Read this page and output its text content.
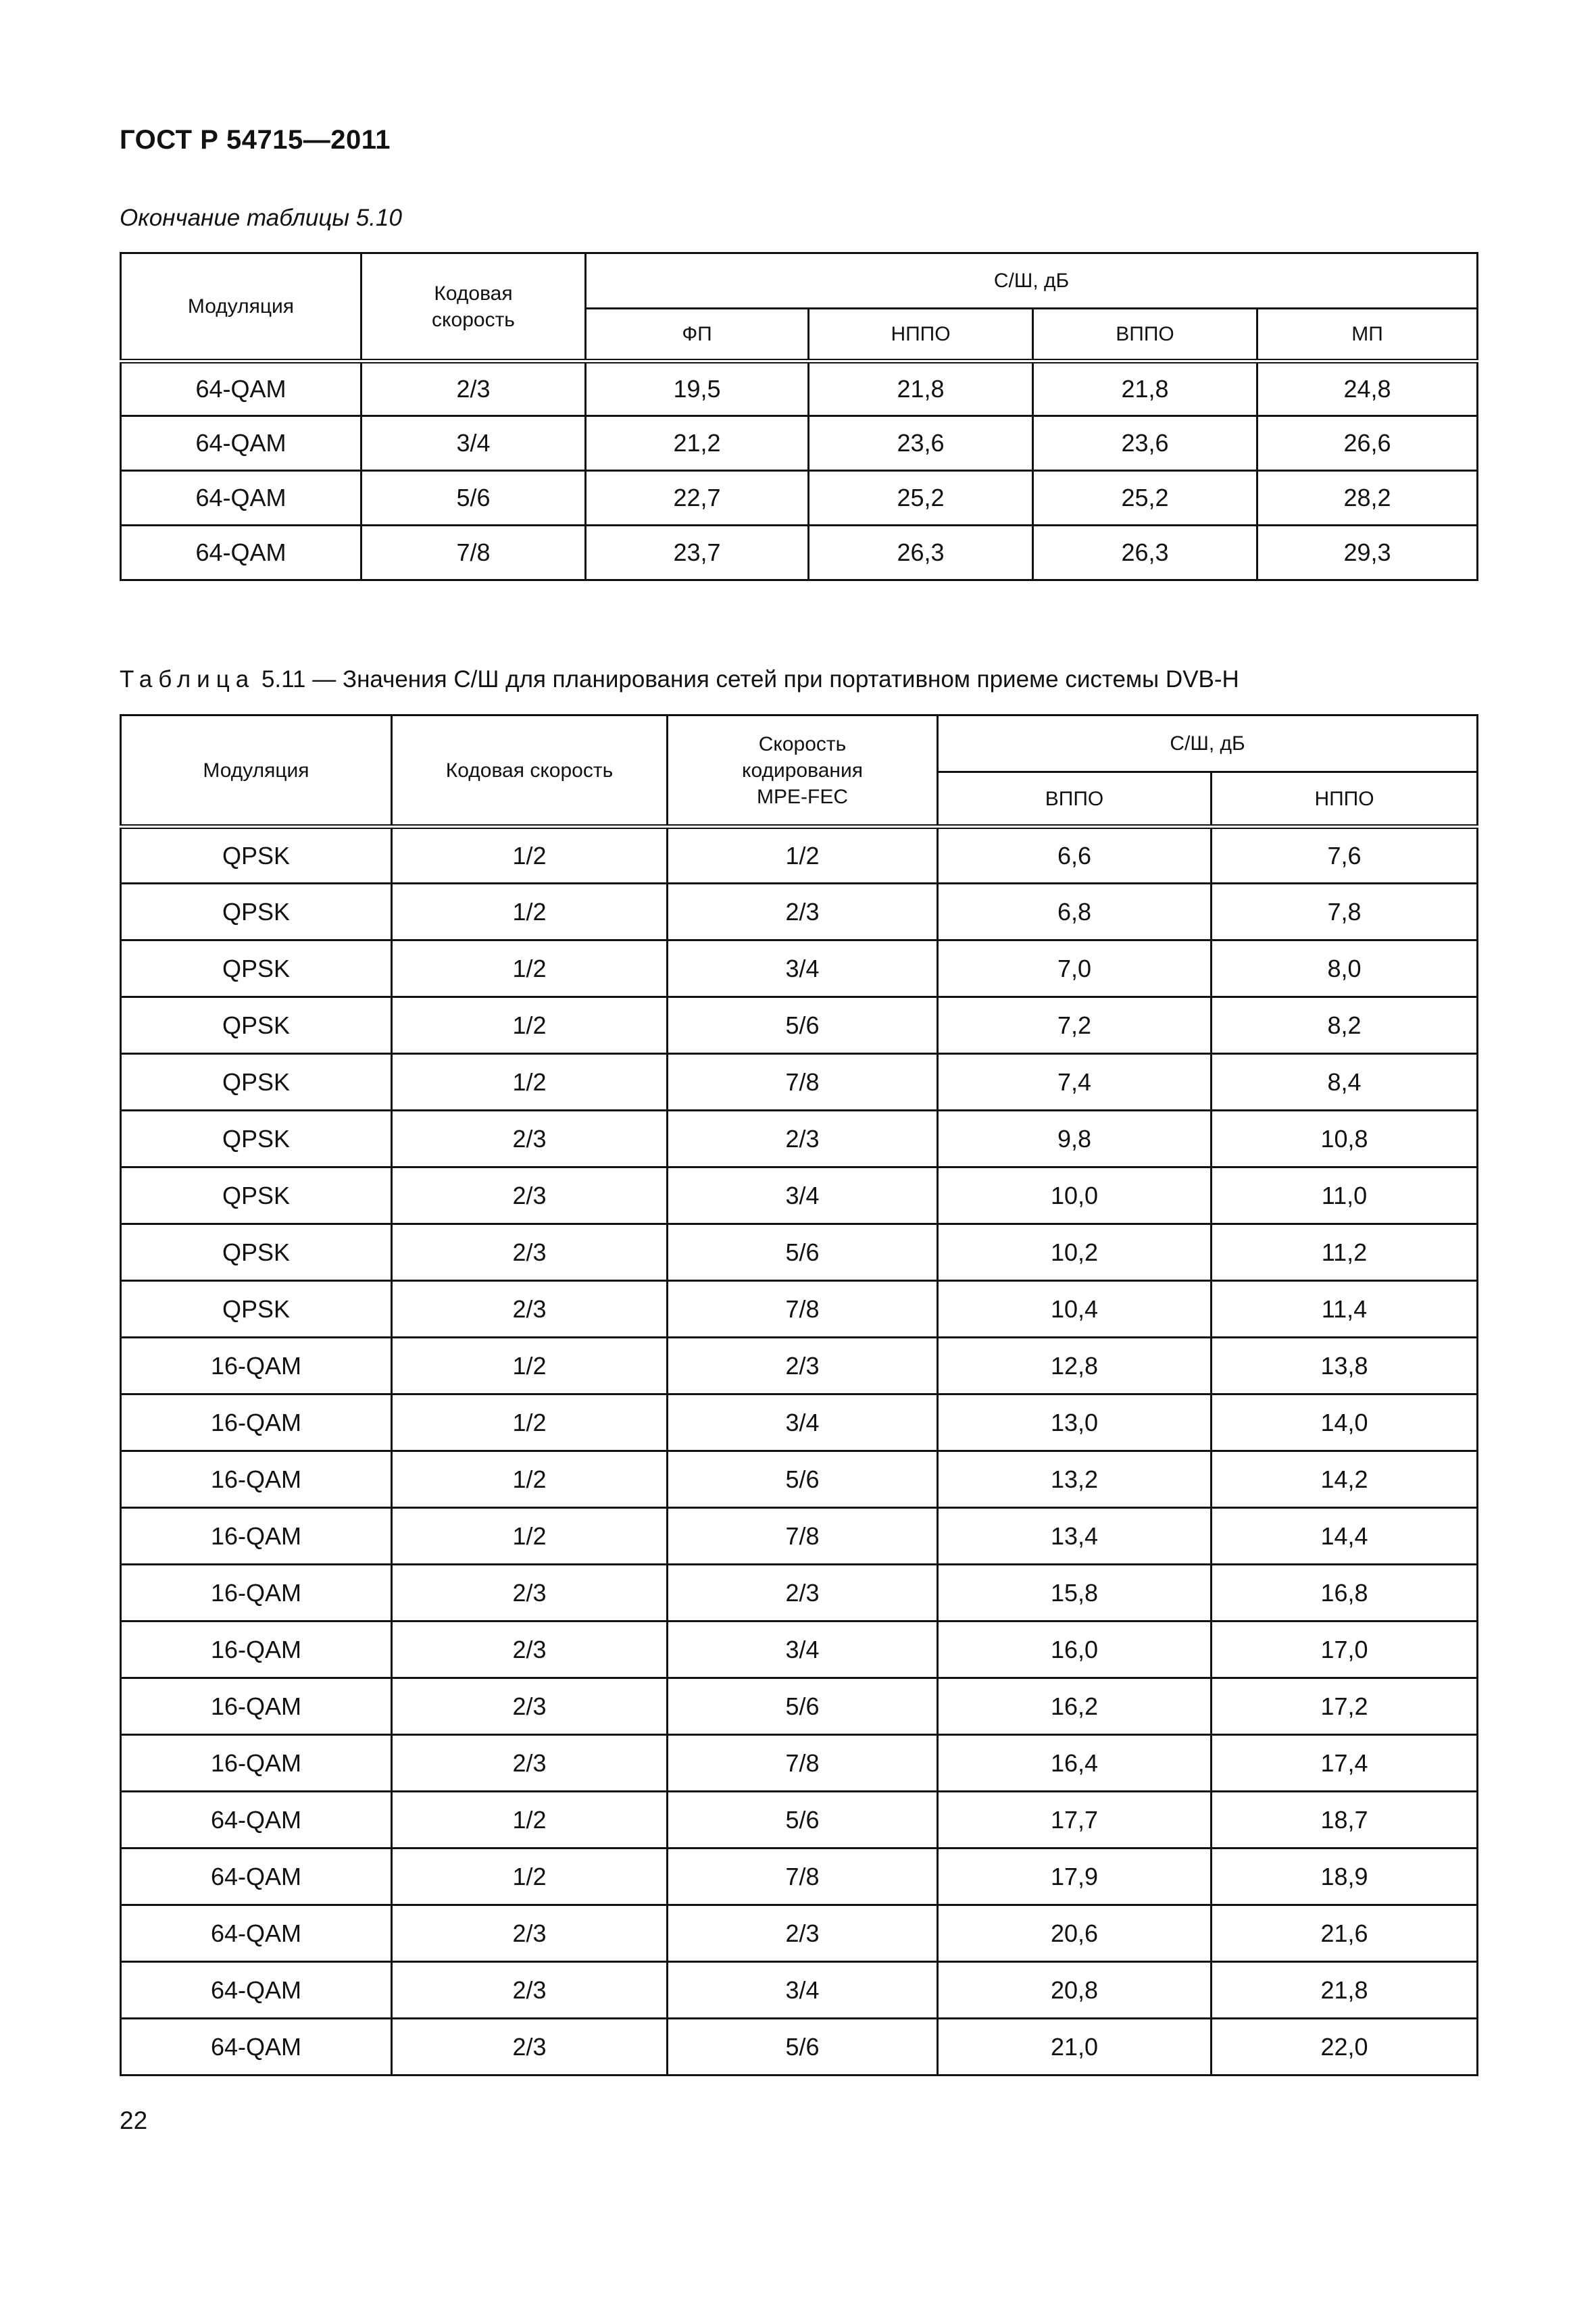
ГОСТ Р 54715—2011
Окончание таблицы 5.10
Модуляция	Кодовая скорость	С/Ш, дБ			
		ФП	НППО	ВППО	МП
64-QAM	2/3	19,5	21,8	21,8	24,8
64-QAM	3/4	21,2	23,6	23,6	26,6
64-QAM	5/6	22,7	25,2	25,2	28,2
64-QAM	7/8	23,7	26,3	26,3	29,3
Таблица 5.11 — Значения С/Ш для планирования сетей при портативном приеме системы DVB-H
Модуляция	Кодовая скорость	Скорость кодирования MPE-FEC	С/Ш, дБ	
			ВППО	НППО
QPSK	1/2	1/2	6,6	7,6
QPSK	1/2	2/3	6,8	7,8
QPSK	1/2	3/4	7,0	8,0
QPSK	1/2	5/6	7,2	8,2
QPSK	1/2	7/8	7,4	8,4
QPSK	2/3	2/3	9,8	10,8
QPSK	2/3	3/4	10,0	11,0
QPSK	2/3	5/6	10,2	11,2
QPSK	2/3	7/8	10,4	11,4
16-QAM	1/2	2/3	12,8	13,8
16-QAM	1/2	3/4	13,0	14,0
16-QAM	1/2	5/6	13,2	14,2
16-QAM	1/2	7/8	13,4	14,4
16-QAM	2/3	2/3	15,8	16,8
16-QAM	2/3	3/4	16,0	17,0
16-QAM	2/3	5/6	16,2	17,2
16-QAM	2/3	7/8	16,4	17,4
64-QAM	1/2	5/6	17,7	18,7
64-QAM	1/2	7/8	17,9	18,9
64-QAM	2/3	2/3	20,6	21,6
64-QAM	2/3	3/4	20,8	21,8
64-QAM	2/3	5/6	21,0	22,0
22
